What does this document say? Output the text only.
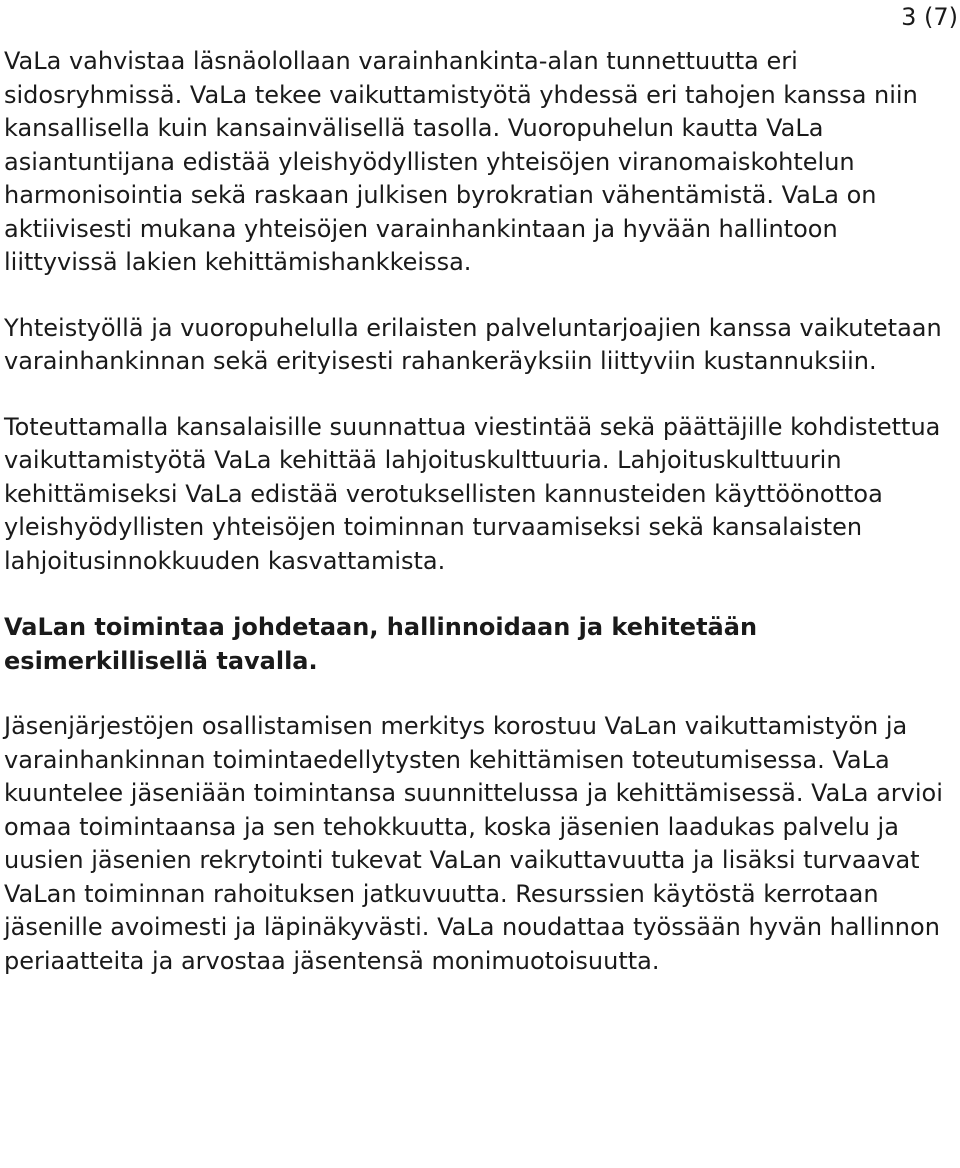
3 (7)

VaLa vahvistaa läsnäolollaan varainhankinta-alan tunnettuutta eri sidosryhmissä. VaLa tekee vaikuttamistyötä yhdessä eri tahojen kanssa niin kansallisella kuin kansainvälisellä tasolla. Vuoropuhelun kautta VaLa asiantuntijana edistää yleishyödyllisten yhteisöjen viranomaiskohtelun harmonisointia sekä raskaan julkisen byrokratian vähentämistä. VaLa on aktiivisesti mukana yhteisöjen varainhankintaan ja hyvään hallintoon liittyvissä lakien kehittämishankkeissa.

Yhteistyöllä ja vuoropuhelulla erilaisten palveluntarjoajien kanssa vaikutetaan varainhankinnan sekä erityisesti rahankeräyksiin liittyviin kustannuksiin.

Toteuttamalla kansalaisille suunnattua viestintää sekä päättäjille kohdistettua vaikuttamistyötä VaLa kehittää lahjoituskulttuuria. Lahjoituskulttuurin kehittämiseksi VaLa edistää verotuksellisten kannusteiden käyttöönottoa yleishyödyllisten yhteisöjen toiminnan turvaamiseksi sekä kansalaisten lahjoitusinnokkuuden kasvattamista.

VaLan toimintaa johdetaan, hallinnoidaan ja kehitetään esimerkillisellä tavalla.

Jäsenjärjestöjen osallistamisen merkitys korostuu VaLan vaikuttamistyön ja varainhankinnan toimintaedellytysten kehittämisen toteutumisessa. VaLa kuuntelee jäseniään toimintansa suunnittelussa ja kehittämisessä. VaLa arvioi omaa toimintaansa ja sen tehokkuutta, koska jäsenien laadukas palvelu ja uusien jäsenien rekrytointi tukevat VaLan vaikuttavuutta ja lisäksi turvaavat VaLan toiminnan rahoituksen jatkuvuutta. Resurssien käytöstä kerrotaan jäsenille avoimesti ja läpinäkyvästi. VaLa noudattaa työssään hyvän hallinnon periaatteita ja arvostaa jäsentensä monimuotoisuutta.
